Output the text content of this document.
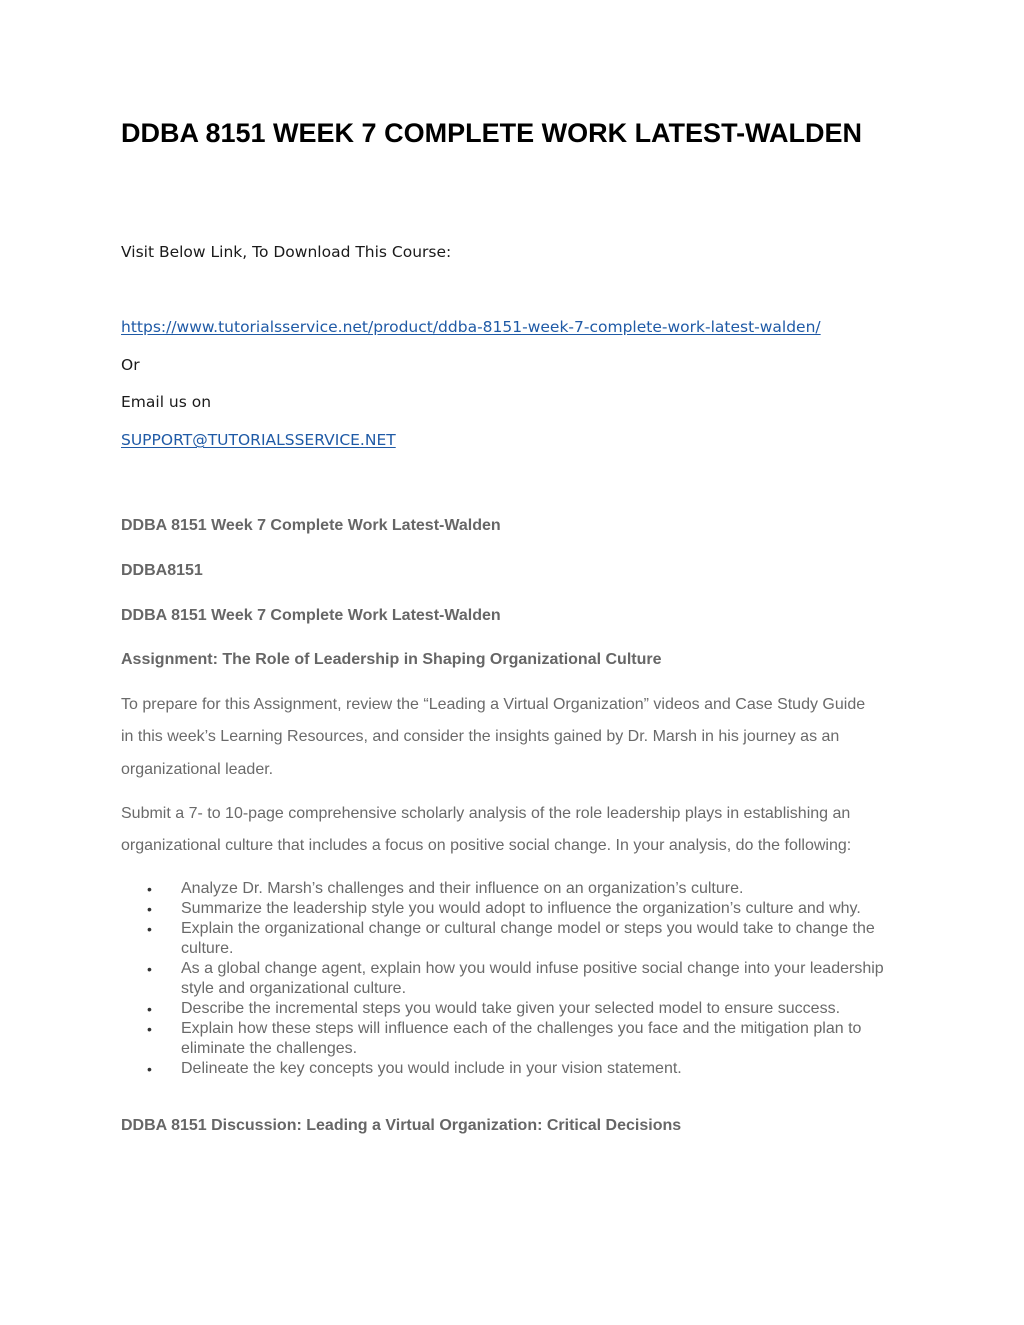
DDBA 8151 WEEK 7 COMPLETE WORK LATEST-WALDEN
Visit Below Link, To Download This Course:
https://www.tutorialsservice.net/product/ddba-8151-week-7-complete-work-latest-walden/
Or
Email us on
SUPPORT@TUTORIALSSERVICE.NET
DDBA 8151 Week 7 Complete Work Latest-Walden
DDBA8151
DDBA 8151 Week 7 Complete Work Latest-Walden
Assignment: The Role of Leadership in Shaping Organizational Culture
To prepare for this Assignment, review the “Leading a Virtual Organization” videos and Case Study Guide
in this week’s Learning Resources, and consider the insights gained by Dr. Marsh in his journey as an
organizational leader.
Submit a 7- to 10-page comprehensive scholarly analysis of the role leadership plays in establishing an
organizational culture that includes a focus on positive social change. In your analysis, do the following:
• Analyze Dr. Marsh’s challenges and their influence on an organization’s culture.
• Summarize the leadership style you would adopt to influence the organization’s culture and why.
• Explain the organizational change or cultural change model or steps you would take to change the culture.
• As a global change agent, explain how you would infuse positive social change into your leadership style and organizational culture.
• Describe the incremental steps you would take given your selected model to ensure success.
• Explain how these steps will influence each of the challenges you face and the mitigation plan to eliminate the challenges.
• Delineate the key concepts you would include in your vision statement.
DDBA 8151 Discussion: Leading a Virtual Organization: Critical Decisions
